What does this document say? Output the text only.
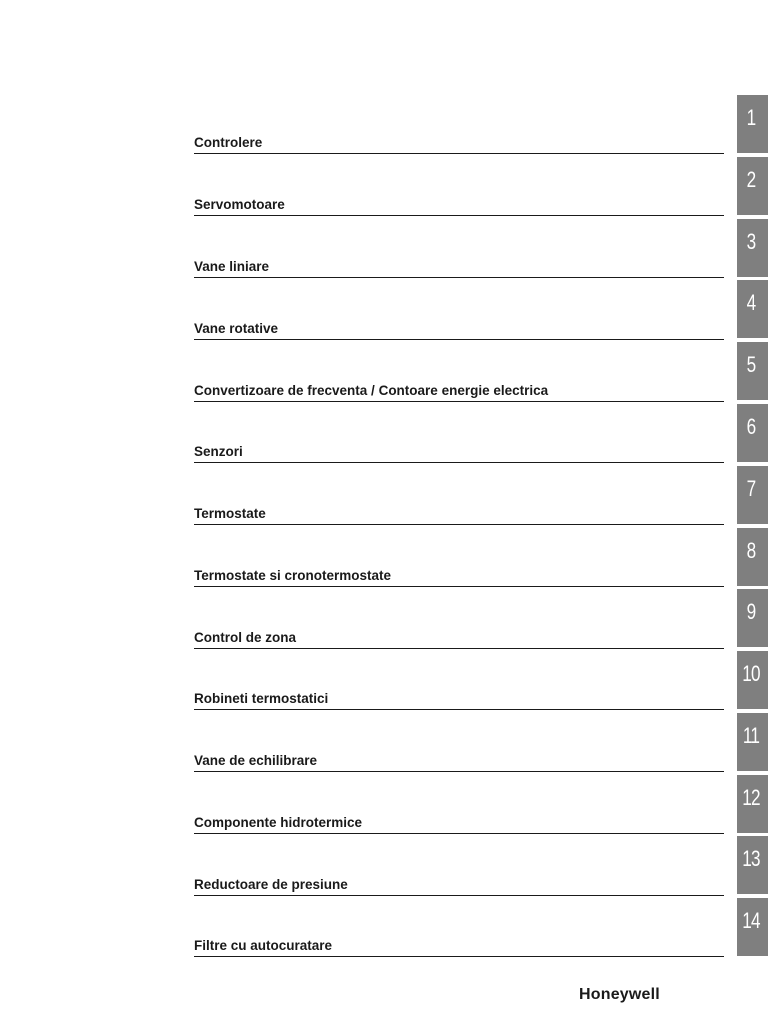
Controlere
Servomotoare
Vane liniare
Vane rotative
Convertizoare de frecventa / Contoare energie electrica
Senzori
Termostate
Termostate si cronotermostate
Control de zona
Robineti termostatici
Vane de echilibrare
Componente hidrotermice
Reductoare de presiune
Filtre cu autocuratare
1
2
3
4
5
6
7
8
9
10
11
12
13
14
Honeywell
